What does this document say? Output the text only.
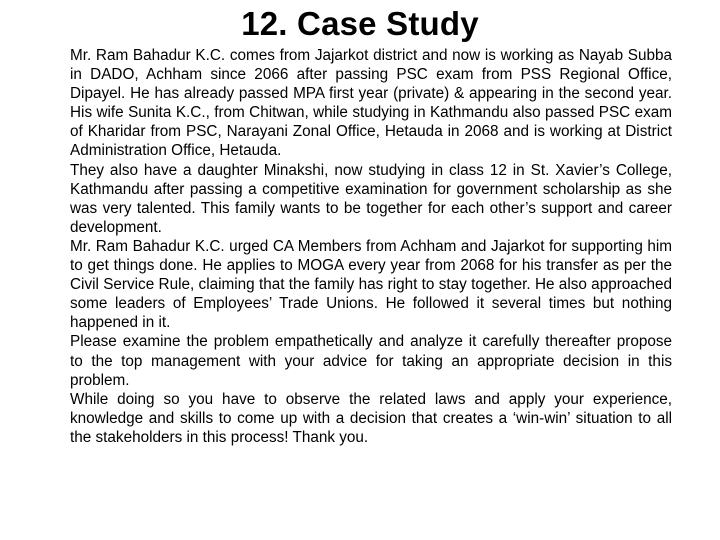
12. Case Study

Mr. Ram Bahadur K.C. comes from Jajarkot district and now is working as Nayab Subba in DADO, Achham since 2066 after passing PSC exam from PSS Regional Office, Dipayel. He has already passed MPA first year (private) & appearing in the second year. His wife Sunita K.C., from Chitwan, while studying in Kathmandu also passed PSC exam of Kharidar from PSC, Narayani Zonal Office, Hetauda in 2068 and is working at District Administration Office, Hetauda.

They also have a daughter Minakshi, now studying in class 12 in St. Xavier’s College, Kathmandu after passing a competitive examination for government scholarship as she was very talented. This family wants to be together for each other’s support and career development.

Mr. Ram Bahadur K.C. urged CA Members from Achham and Jajarkot for supporting him to get things done. He applies to MOGA every year from 2068 for his transfer as per the Civil Service Rule, claiming that the family has right to stay together. He also approached some leaders of Employees’ Trade Unions. He followed it several times but nothing happened in it.

Please examine the problem empathetically and analyze it carefully thereafter propose to the top management with your advice for taking an appropriate decision in this problem.

While doing so you have to observe the related laws and apply your experience, knowledge and skills to come up with a decision that creates a ‘win-win’ situation to all the stakeholders in this process! Thank you.
